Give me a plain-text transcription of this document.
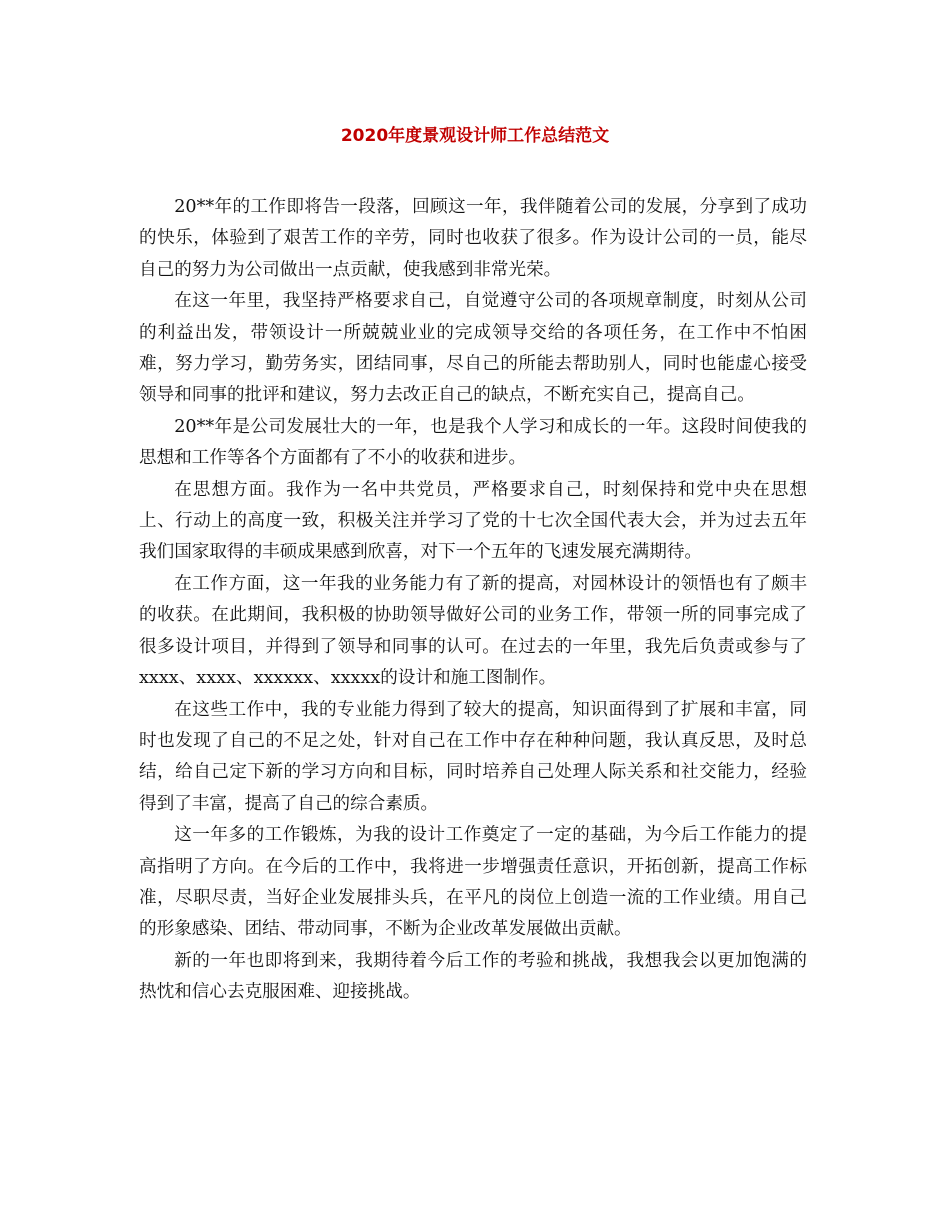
2020年度景观设计师工作总结范文

20**年的工作即将告一段落，回顾这一年，我伴随着公司的发展，分享到了成功的快乐，体验到了艰苦工作的辛劳，同时也收获了很多。作为设计公司的一员，能尽自己的努力为公司做出一点贡献，使我感到非常光荣。

在这一年里，我坚持严格要求自己，自觉遵守公司的各项规章制度，时刻从公司的利益出发，带领设计一所兢兢业业的完成领导交给的各项任务，在工作中不怕困难，努力学习，勤劳务实，团结同事，尽自己的所能去帮助别人，同时也能虚心接受领导和同事的批评和建议，努力去改正自己的缺点，不断充实自己，提高自己。

20**年是公司发展壮大的一年，也是我个人学习和成长的一年。这段时间使我的思想和工作等各个方面都有了不小的收获和进步。

在思想方面。我作为一名中共党员，严格要求自己，时刻保持和党中央在思想上、行动上的高度一致，积极关注并学习了党的十七次全国代表大会，并为过去五年我们国家取得的丰硕成果感到欣喜，对下一个五年的飞速发展充满期待。

在工作方面，这一年我的业务能力有了新的提高，对园林设计的领悟也有了颇丰的收获。在此期间，我积极的协助领导做好公司的业务工作，带领一所的同事完成了很多设计项目，并得到了领导和同事的认可。在过去的一年里，我先后负责或参与了xxxx、xxxx、xxxxxx、xxxxx的设计和施工图制作。

在这些工作中，我的专业能力得到了较大的提高，知识面得到了扩展和丰富，同时也发现了自己的不足之处，针对自己在工作中存在种种问题，我认真反思，及时总结，给自己定下新的学习方向和目标，同时培养自己处理人际关系和社交能力，经验得到了丰富，提高了自己的综合素质。

这一年多的工作锻炼，为我的设计工作奠定了一定的基础，为今后工作能力的提高指明了方向。在今后的工作中，我将进一步增强责任意识，开拓创新，提高工作标准，尽职尽责，当好企业发展排头兵，在平凡的岗位上创造一流的工作业绩。用自己的形象感染、团结、带动同事，不断为企业改革发展做出贡献。

新的一年也即将到来，我期待着今后工作的考验和挑战，我想我会以更加饱满的热忱和信心去克服困难、迎接挑战。
